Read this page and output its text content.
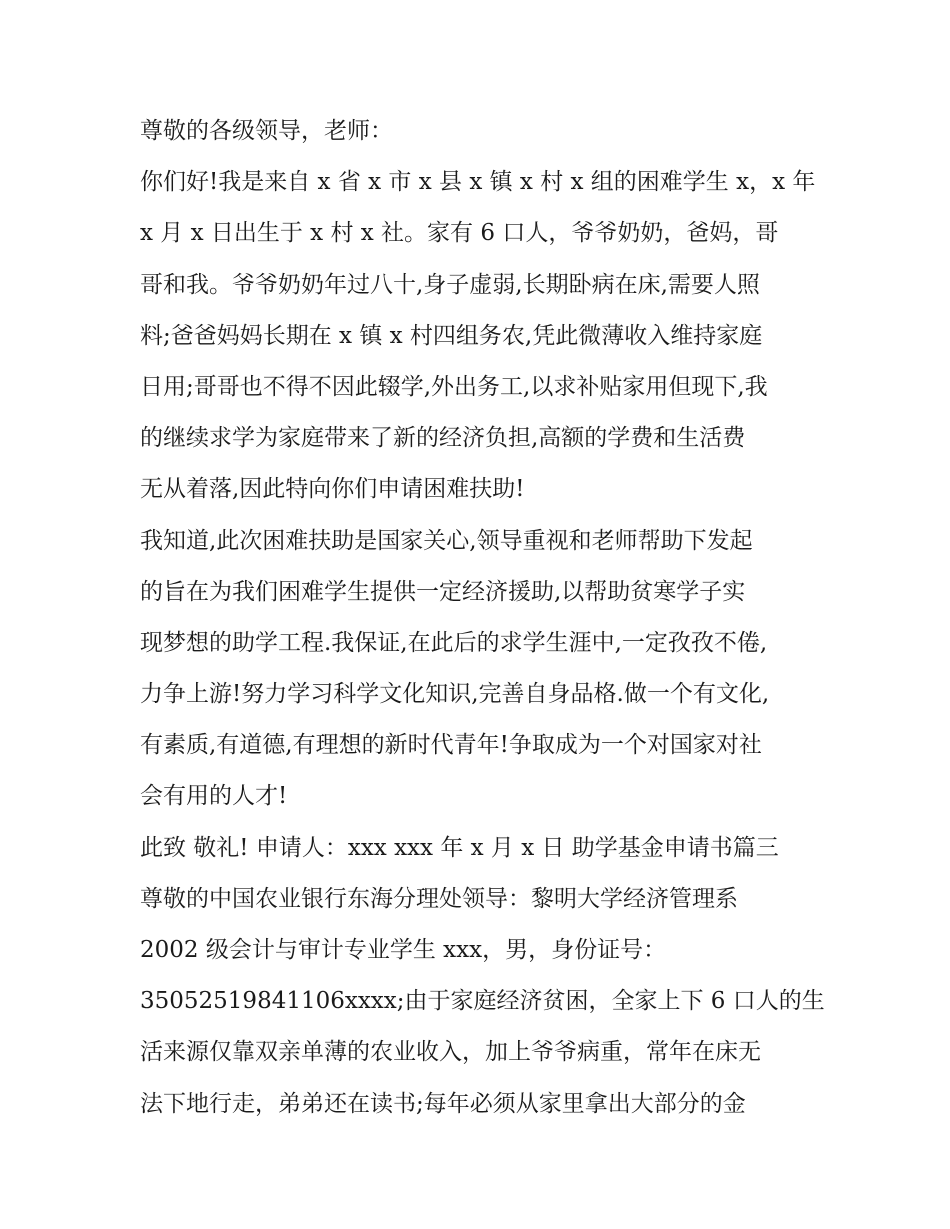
尊敬的各级领导，老师：
你们好!我是来自 x 省 x 市 x 县 x 镇 x 村 x 组的困难学生 x，x 年
x 月 x 日出生于 x 村 x 社。家有 6 口人，爷爷奶奶，爸妈，哥
哥和我。爷爷奶奶年过八十,身子虚弱,长期卧病在床,需要人照
料;爸爸妈妈长期在 x 镇 x 村四组务农,凭此微薄收入维持家庭
日用;哥哥也不得不因此辍学,外出务工,以求补贴家用但现下,我
的继续求学为家庭带来了新的经济负担,高额的学费和生活费
无从着落,因此特向你们申请困难扶助!
我知道,此次困难扶助是国家关心,领导重视和老师帮助下发起
的旨在为我们困难学生提供一定经济援助,以帮助贫寒学子实
现梦想的助学工程.我保证,在此后的求学生涯中,一定孜孜不倦,
力争上游!努力学习科学文化知识,完善自身品格.做一个有文化,
有素质,有道德,有理想的新时代青年!争取成为一个对国家对社
会有用的人才!
此致 敬礼! 申请人：xxx xxx 年 x 月 x 日 助学基金申请书篇三
尊敬的中国农业银行东海分理处领导：黎明大学经济管理系
2002 级会计与审计专业学生 xxx，男，身份证号：
35052519841106xxxx;由于家庭经济贫困，全家上下 6 口人的生
活来源仅靠双亲单薄的农业收入，加上爷爷病重，常年在床无
法下地行走，弟弟还在读书;每年必须从家里拿出大部分的金
